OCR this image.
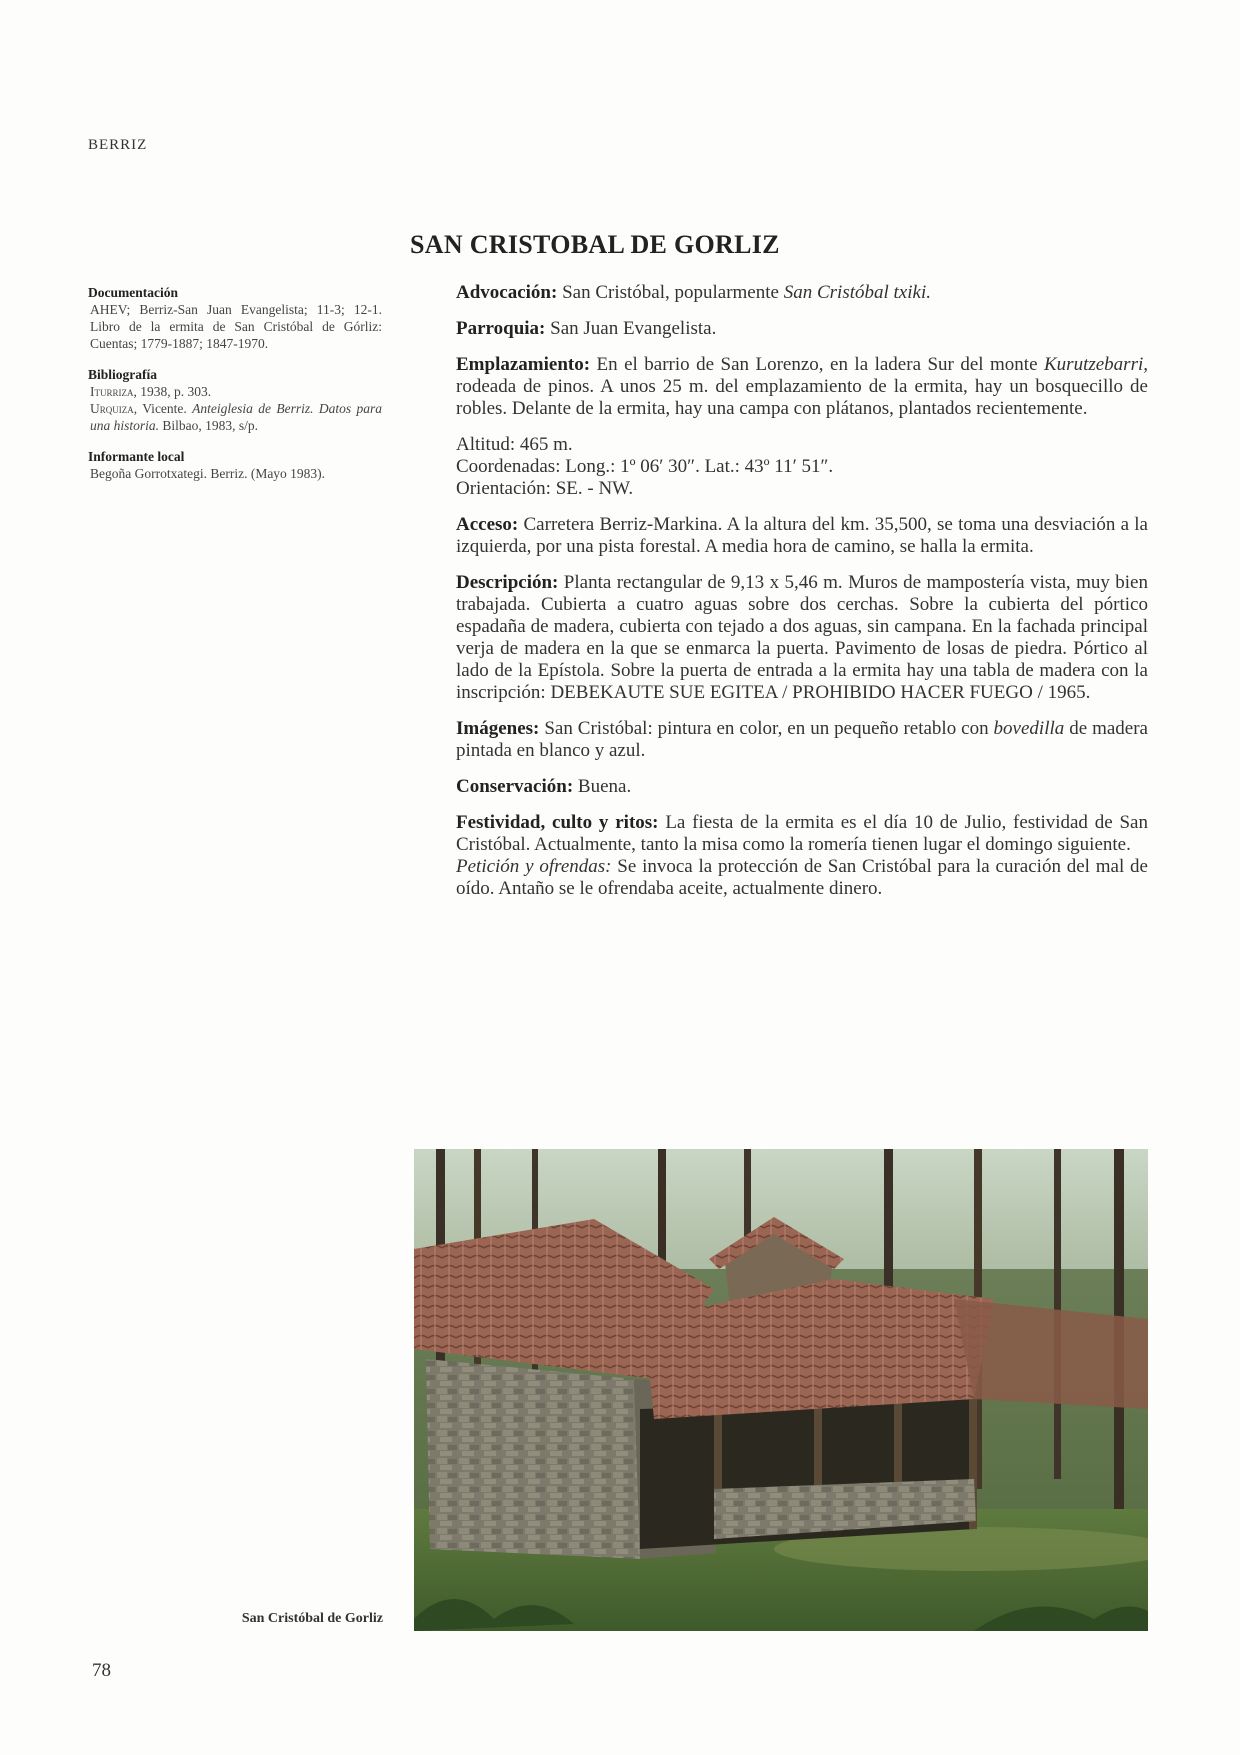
BERRIZ
SAN CRISTOBAL DE GORLIZ
Documentación
AHEV; Berriz-San Juan Evangelista; 11-3; 12-1. Libro de la ermita de San Cristóbal de Górliz: Cuentas; 1779-1887; 1847-1970.
Bibliografía
Iturriza, 1938, p. 303.
Urquiza, Vicente. Anteiglesia de Berriz. Datos para una historia. Bilbao, 1983, s/p.
Informante local
Begoña Gorrotxategi. Berriz. (Mayo 1983).

Advocación: San Cristóbal, popularmente San Cristóbal txiki.

Parroquia: San Juan Evangelista.

Emplazamiento: En el barrio de San Lorenzo, en la ladera Sur del monte Kurutzebarri, rodeada de pinos. A unos 25 m. del emplazamiento de la ermita, hay un bosquecillo de robles. Delante de la ermita, hay una campa con plátanos, plantados recientemente.

Altitud: 465 m.
Coordenadas: Long.: 1º 06′ 30″. Lat.: 43º 11′ 51″.
Orientación: SE. - NW.

Acceso: Carretera Berriz-Markina. A la altura del km. 35,500, se toma una desviación a la izquierda, por una pista forestal. A media hora de camino, se halla la ermita.

Descripción: Planta rectangular de 9,13 x 5,46 m. Muros de mampostería vista, muy bien trabajada. Cubierta a cuatro aguas sobre dos cerchas. Sobre la cubierta del pórtico espadaña de madera, cubierta con tejado a dos aguas, sin campana. En la fachada principal verja de madera en la que se enmarca la puerta. Pavimento de losas de piedra. Pórtico al lado de la Epístola. Sobre la puerta de entrada a la ermita hay una tabla de madera con la inscripción: DEBEKAUTE SUE EGITEA / PROHIBIDO HACER FUEGO / 1965.

Imágenes: San Cristóbal: pintura en color, en un pequeño retablo con bovedilla de madera pintada en blanco y azul.

Conservación: Buena.

Festividad, culto y ritos: La fiesta de la ermita es el día 10 de Julio, festividad de San Cristóbal. Actualmente, tanto la misa como la romería tienen lugar el domingo siguiente.

Petición y ofrendas: Se invoca la protección de San Cristóbal para la curación del mal de oído. Antaño se le ofrendaba aceite, actualmente dinero.

San Cristóbal de Gorliz
78
